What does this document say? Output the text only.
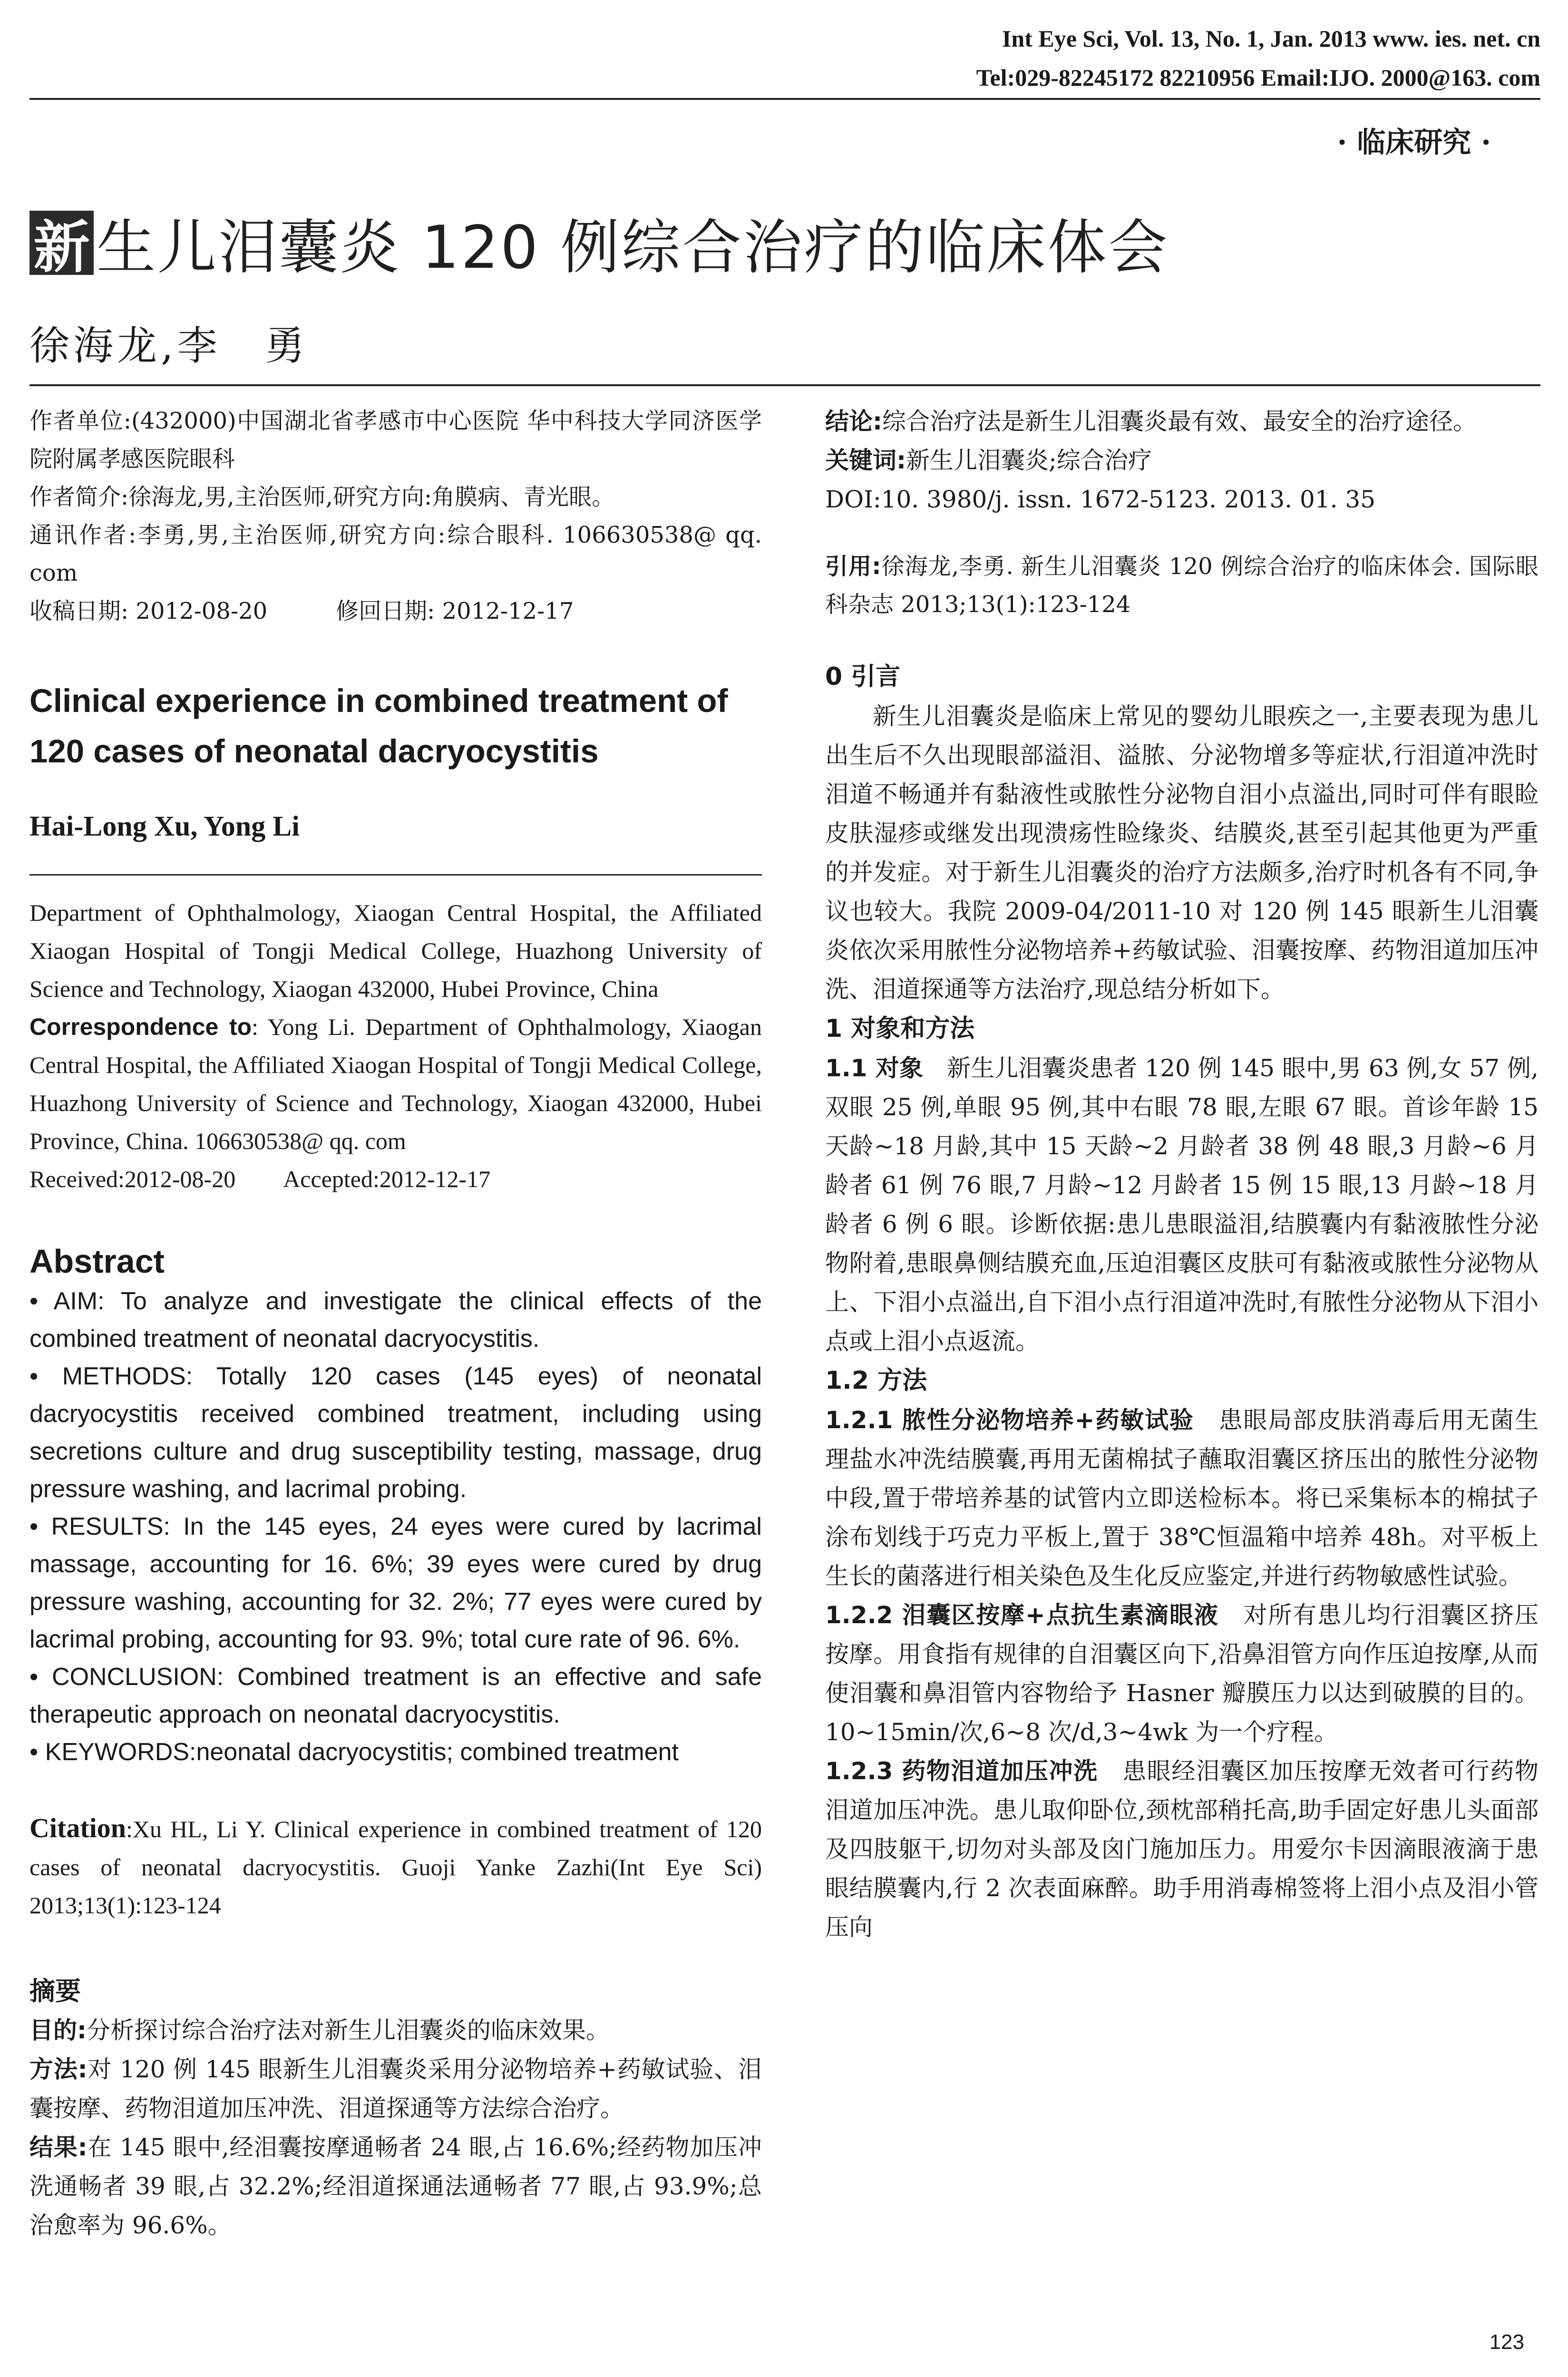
Int Eye Sci, Vol. 13, No. 1, Jan. 2013 www. ies. net. cn
Tel:029-82245172 82210956 Email:IJO. 2000@163. com
· 临床研究 ·
新 生儿泪囊炎 120 例综合治疗的临床体会
徐海龙,李　勇

作者单位:(432000)中国湖北省孝感市中心医院 华中科技大学同济医学院附属孝感医院眼科

作者简介:徐海龙,男,主治医师,研究方向:角膜病、青光眼。

通讯作者:李勇,男,主治医师,研究方向:综合眼科. 106630538@ qq. com

收稿日期: 2012-08-20　　　修回日期: 2012-12-17

Clinical experience in combined treatment of 120 cases of neonatal dacryocystitis
Hai-Long Xu, Yong Li

Department of Ophthalmology, Xiaogan Central Hospital, the Affiliated Xiaogan Hospital of Tongji Medical College, Huazhong University of Science and Technology, Xiaogan 432000, Hubei Province, China

Correspondence to: Yong Li. Department of Ophthalmology, Xiaogan Central Hospital, the Affiliated Xiaogan Hospital of Tongji Medical College, Huazhong University of Science and Technology, Xiaogan 432000, Hubei Province, China. 106630538@ qq. com

Received:2012-08-20　　Accepted:2012-12-17

Abstract

• AIM: To analyze and investigate the clinical effects of the combined treatment of neonatal dacryocystitis.

• METHODS: Totally 120 cases (145 eyes) of neonatal dacryocystitis received combined treatment, including using secretions culture and drug susceptibility testing, massage, drug pressure washing, and lacrimal probing.

• RESULTS: In the 145 eyes, 24 eyes were cured by lacrimal massage, accounting for 16. 6%; 39 eyes were cured by drug pressure washing, accounting for 32. 2%; 77 eyes were cured by lacrimal probing, accounting for 93. 9%; total cure rate of 96. 6%.

• CONCLUSION: Combined treatment is an effective and safe therapeutic approach on neonatal dacryocystitis.

• KEYWORDS:neonatal dacryocystitis; combined treatment

Citation:Xu HL, Li Y. Clinical experience in combined treatment of 120 cases of neonatal dacryocystitis. Guoji Yanke Zazhi(Int Eye Sci) 2013;13(1):123-124
摘要

目的:分析探讨综合治疗法对新生儿泪囊炎的临床效果。

方法:对 120 例 145 眼新生儿泪囊炎采用分泌物培养+药敏试验、泪囊按摩、药物泪道加压冲洗、泪道探通等方法综合治疗。

结果:在 145 眼中,经泪囊按摩通畅者 24 眼,占 16.6%;经药物加压冲洗通畅者 39 眼,占 32.2%;经泪道探通法通畅者 77 眼,占 93.9%;总治愈率为 96.6%。

结论:综合治疗法是新生儿泪囊炎最有效、最安全的治疗途径。

关键词:新生儿泪囊炎;综合治疗

DOI:10. 3980/j. issn. 1672-5123. 2013. 01. 35

引用:徐海龙,李勇. 新生儿泪囊炎 120 例综合治疗的临床体会. 国际眼科杂志 2013;13(1):123-124
0 引言

新生儿泪囊炎是临床上常见的婴幼儿眼疾之一,主要表现为患儿出生后不久出现眼部溢泪、溢脓、分泌物增多等症状,行泪道冲洗时泪道不畅通并有黏液性或脓性分泌物自泪小点溢出,同时可伴有眼睑皮肤湿疹或继发出现溃疡性睑缘炎、结膜炎,甚至引起其他更为严重的并发症。对于新生儿泪囊炎的治疗方法颇多,治疗时机各有不同,争议也较大。我院 2009-04/2011-10 对 120 例 145 眼新生儿泪囊炎依次采用脓性分泌物培养+药敏试验、泪囊按摩、药物泪道加压冲洗、泪道探通等方法治疗,现总结分析如下。

1 对象和方法

1.1 对象　新生儿泪囊炎患者 120 例 145 眼中,男 63 例,女 57 例,双眼 25 例,单眼 95 例,其中右眼 78 眼,左眼 67 眼。首诊年龄 15 天龄~18 月龄,其中 15 天龄~2 月龄者 38 例 48 眼,3 月龄~6 月龄者 61 例 76 眼,7 月龄~12 月龄者 15 例 15 眼,13 月龄~18 月龄者 6 例 6 眼。诊断依据:患儿患眼溢泪,结膜囊内有黏液脓性分泌物附着,患眼鼻侧结膜充血,压迫泪囊区皮肤可有黏液或脓性分泌物从上、下泪小点溢出,自下泪小点行泪道冲洗时,有脓性分泌物从下泪小点或上泪小点返流。

1.2 方法

1.2.1 脓性分泌物培养+药敏试验　患眼局部皮肤消毒后用无菌生理盐水冲洗结膜囊,再用无菌棉拭子蘸取泪囊区挤压出的脓性分泌物中段,置于带培养基的试管内立即送检标本。将已采集标本的棉拭子涂布划线于巧克力平板上,置于 38℃恒温箱中培养 48h。对平板上生长的菌落进行相关染色及生化反应鉴定,并进行药物敏感性试验。

1.2.2 泪囊区按摩+点抗生素滴眼液　对所有患儿均行泪囊区挤压按摩。用食指有规律的自泪囊区向下,沿鼻泪管方向作压迫按摩,从而使泪囊和鼻泪管内容物给予 Hasner 瓣膜压力以达到破膜的目的。10~15min/次,6~8 次/d,3~4wk 为一个疗程。

1.2.3 药物泪道加压冲洗　患眼经泪囊区加压按摩无效者可行药物泪道加压冲洗。患儿取仰卧位,颈枕部稍托高,助手固定好患儿头面部及四肢躯干,切勿对头部及囟门施加压力。用爱尔卡因滴眼液滴于患眼结膜囊内,行 2 次表面麻醉。助手用消毒棉签将上泪小点及泪小管压向

123
